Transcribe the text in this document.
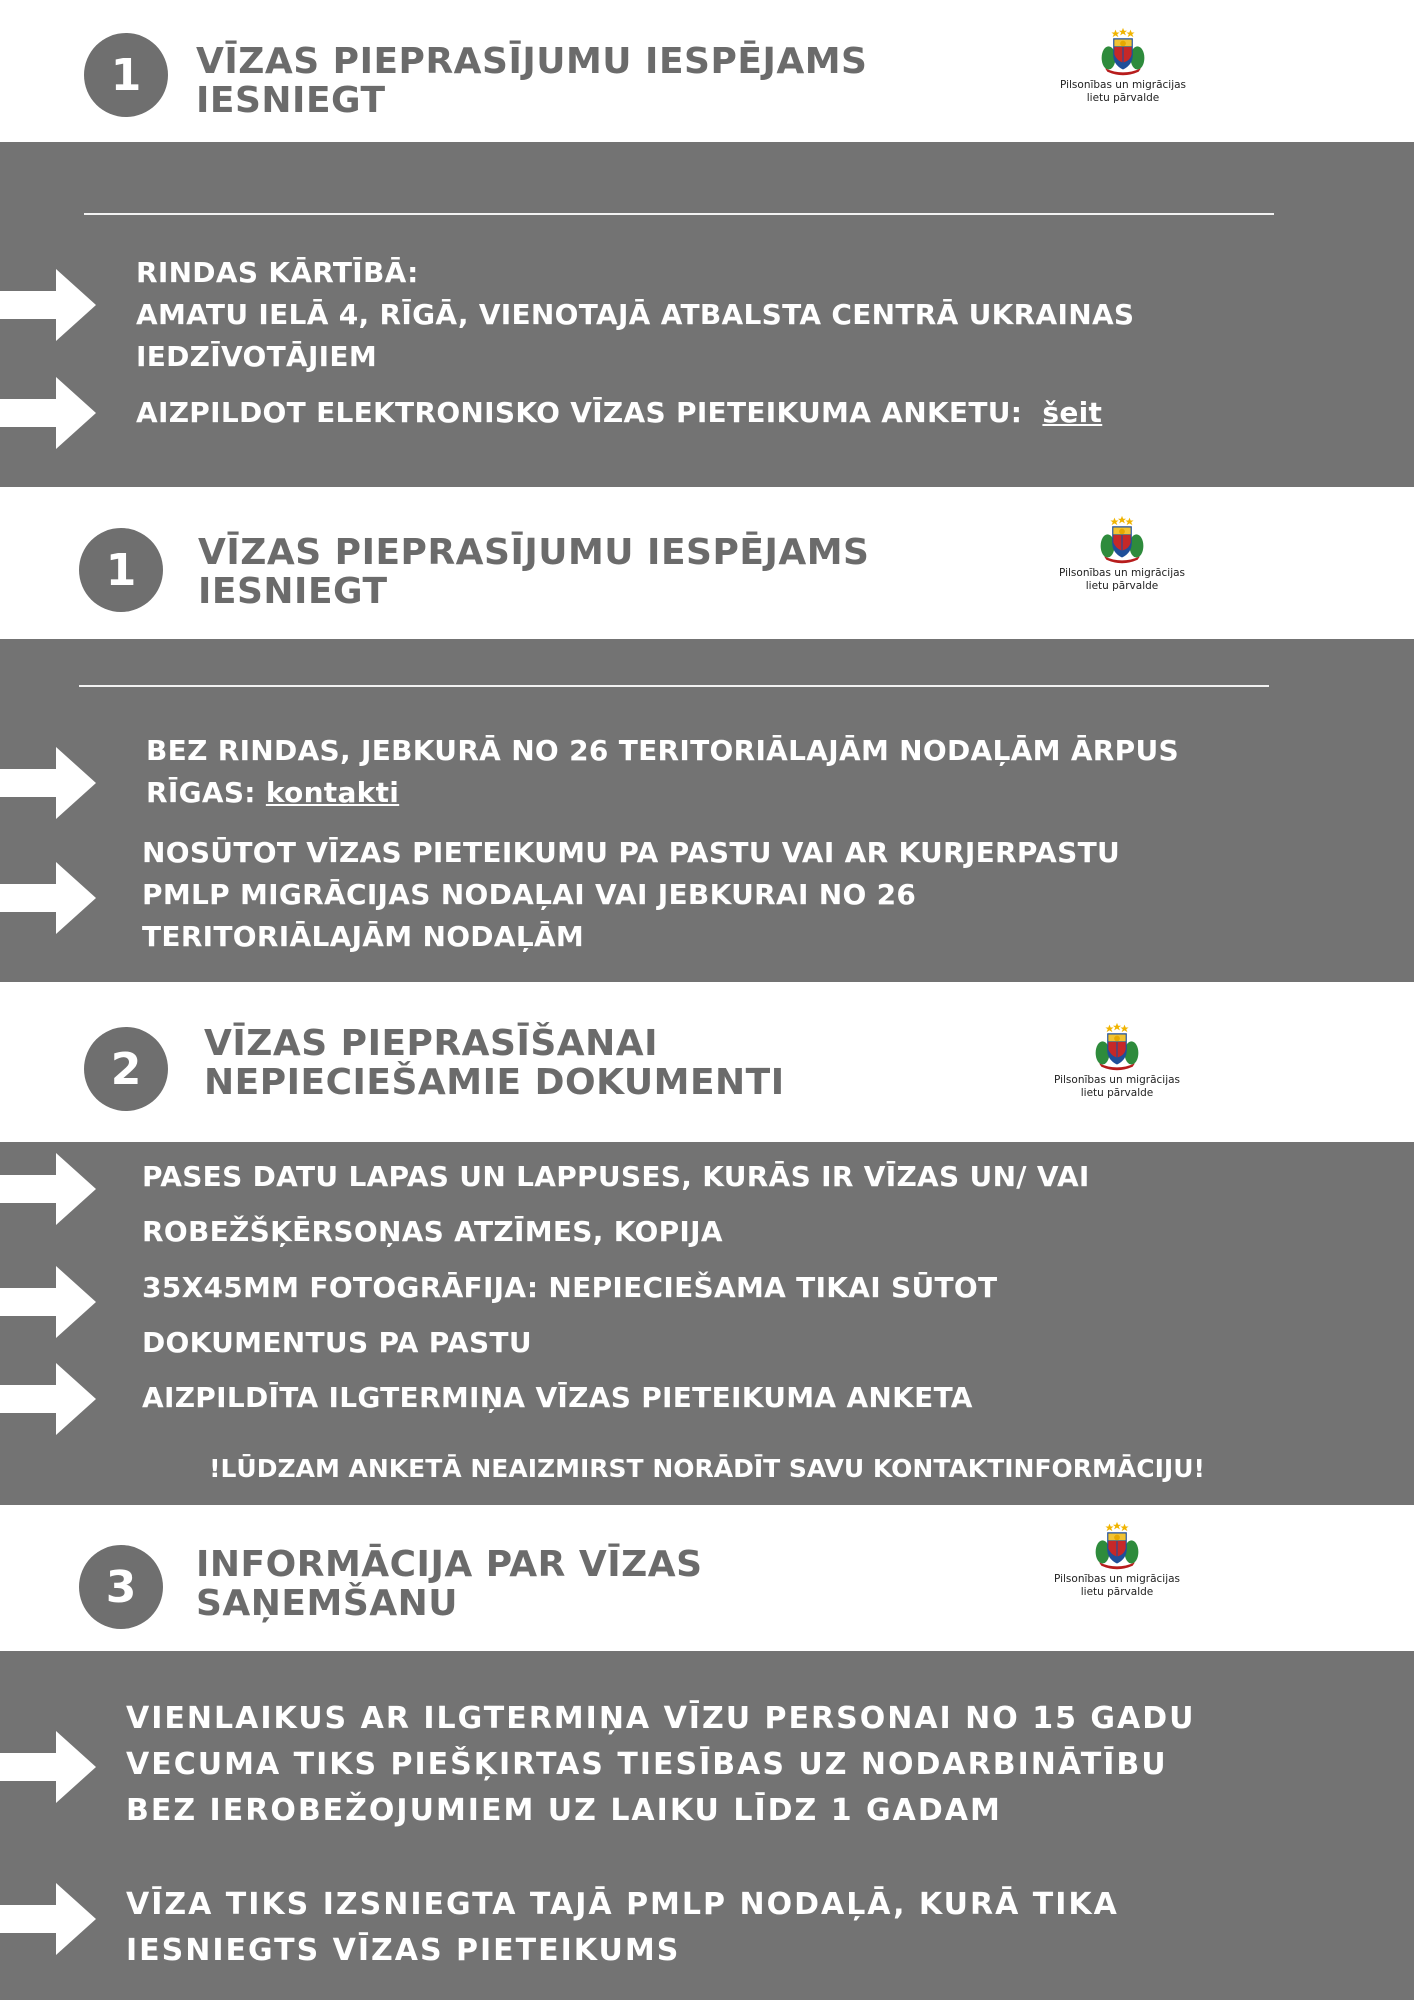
1	VĪZAS PIEPRASĪJUMU IESPĒJAMS
IESNIEGT	Pilsonības un migrācijas
lietu pārvalde

RINDAS KĀRTĪBĀ:
AMATU IELĀ 4, RĪGĀ, VIENOTAJĀ ATBALSTA CENTRĀ UKRAINAS
IEDZĪVOTĀJIEM

AIZPILDOT ELEKTRONISKO VĪZAS PIETEIKUMA ANKETU: šeit

1	VĪZAS PIEPRASĪJUMU IESPĒJAMS
IESNIEGT	Pilsonības un migrācijas
lietu pārvalde

BEZ RINDAS, JEBKURĀ NO 26 TERITORIĀLAJĀM NODAĻĀM ĀRPUS
RĪGAS: kontakti

NOSŪTOT VĪZAS PIETEIKUMU PA PASTU VAI AR KURJERPASTU
PMLP MIGRĀCIJAS NODAĻAI VAI JEBKURAI NO 26
TERITORIĀLAJĀM NODAĻĀM

2	VĪZAS PIEPRASĪŠANAI
NEPIECIEŠAMIE DOKUMENTI	Pilsonības un migrācijas
lietu pārvalde

PASES DATU LAPAS UN LAPPUSES, KURĀS IR VĪZAS UN/ VAI
ROBEŽŠĶĒRSOŅAS ATZĪMES, KOPIJA

35X45MM FOTOGRĀFIJA: NEPIECIEŠAMA TIKAI SŪTOT
DOKUMENTUS PA PASTU

AIZPILDĪTA ILGTERMIŅA VĪZAS PIETEIKUMA ANKETA

!LŪDZAM ANKETĀ NEAIZMIRST NORĀDĪT SAVU KONTAKTINFORMĀCIJU!

3	INFORMĀCIJA PAR VĪZAS
SAŅEMŠANU
Pilsonības un migrācijas
lietu pārvalde

VIENLAIKUS AR ILGTERMIŅA VĪZU PERSONAI NO 15 GADU
VECUMA TIKS PIEŠĶIRTAS TIESĪBAS UZ NODARBINĀTĪBU
BEZ IEROBEŽOJUMIEM UZ LAIKU LĪDZ 1 GADAM

VĪZA TIKS IZSNIEGTA TAJĀ PMLP NODAĻĀ, KURĀ TIKA
IESNIEGTS VĪZAS PIETEIKUMS
